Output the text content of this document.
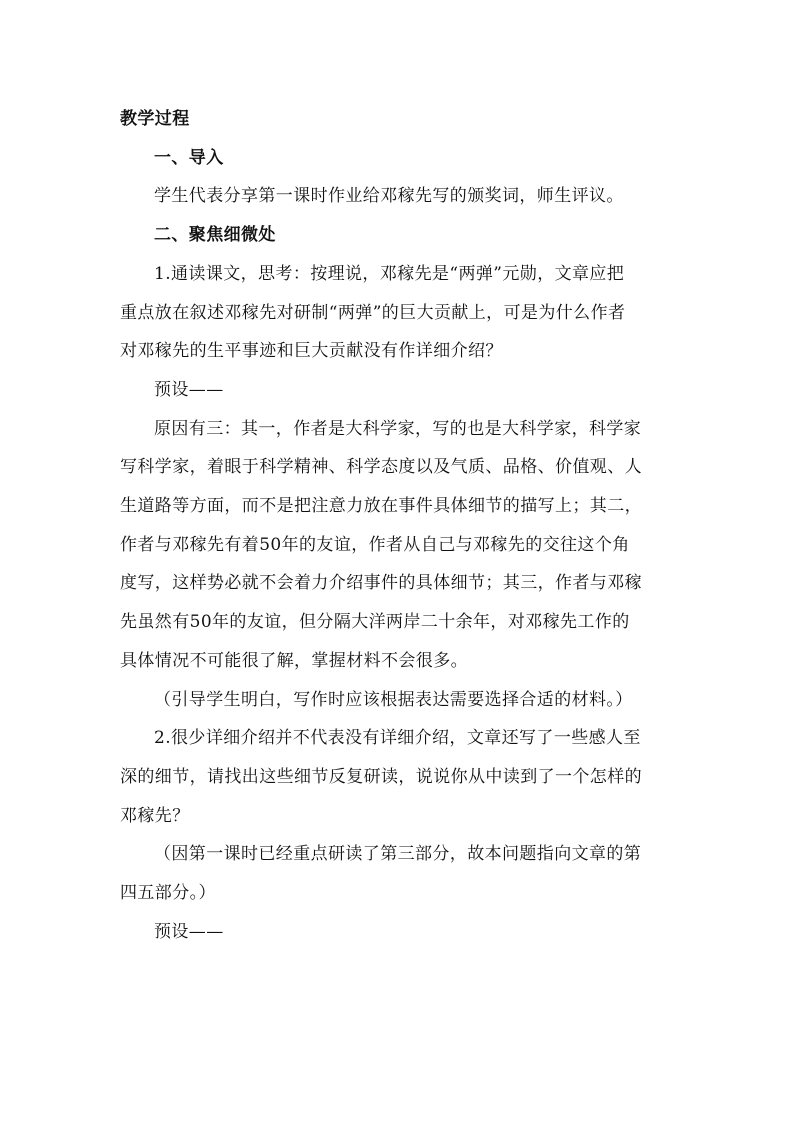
教学过程
一、导入
学生代表分享第一课时作业给邓稼先写的颁奖词，师生评议。
二、聚焦细微处
1.通读课文，思考：按理说，邓稼先是“两弹”元勋，文章应把
重点放在叙述邓稼先对研制“两弹”的巨大贡献上，可是为什么作者
对邓稼先的生平事迹和巨大贡献没有作详细介绍？
预设——
原因有三：其一，作者是大科学家，写的也是大科学家，科学家
写科学家，着眼于科学精神、科学态度以及气质、品格、价值观、人
生道路等方面，而不是把注意力放在事件具体细节的描写上；其二，
作者与邓稼先有着50年的友谊，作者从自己与邓稼先的交往这个角
度写，这样势必就不会着力介绍事件的具体细节；其三，作者与邓稼
先虽然有50年的友谊，但分隔大洋两岸二十余年，对邓稼先工作的
具体情况不可能很了解，掌握材料不会很多。
（引导学生明白，写作时应该根据表达需要选择合适的材料。）
2.很少详细介绍并不代表没有详细介绍，文章还写了一些感人至
深的细节，请找出这些细节反复研读，说说你从中读到了一个怎样的
邓稼先？
（因第一课时已经重点研读了第三部分，故本问题指向文章的第
四五部分。）
预设——
